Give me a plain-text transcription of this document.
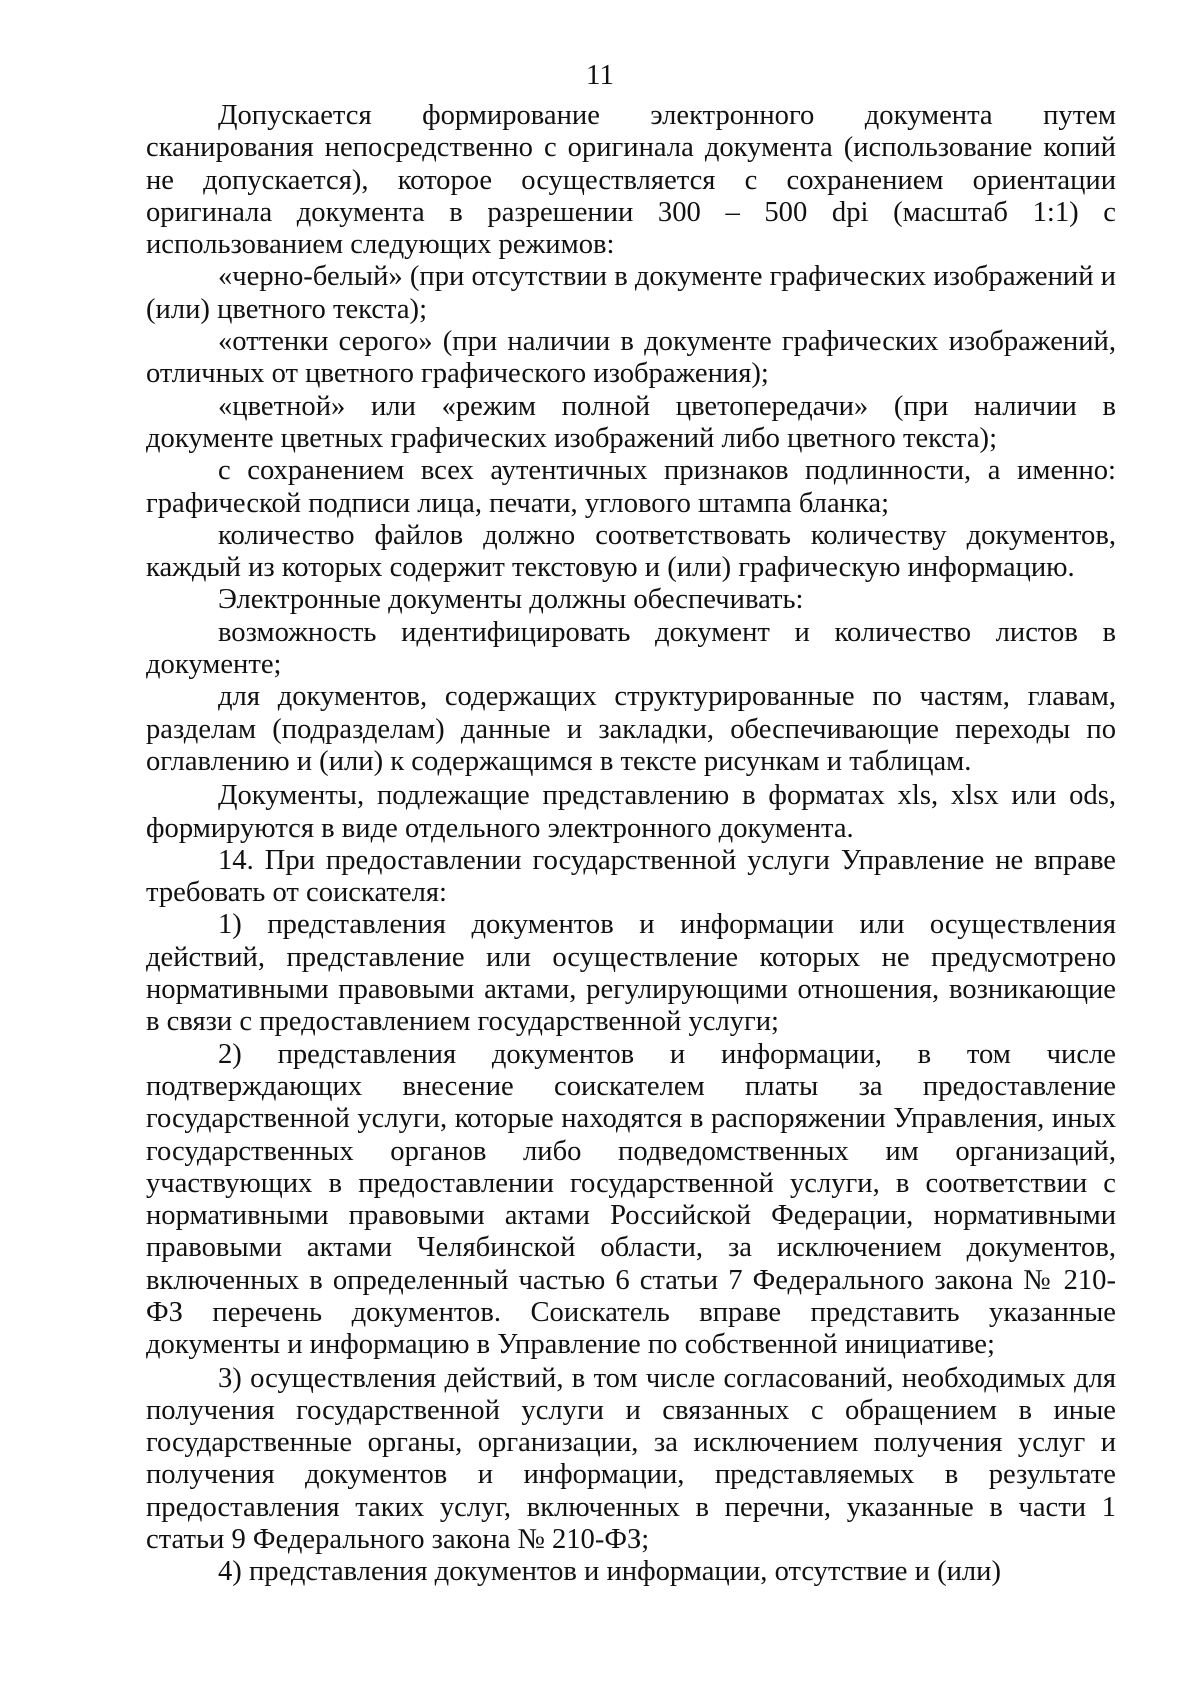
11

Допускается формирование электронного документа путем сканирования непосредственно с оригинала документа (использование копий не допускается), которое осуществляется с сохранением ориентации оригинала документа в разрешении 300 – 500 dpi (масштаб 1:1) с использованием следующих режимов:

«черно-белый» (при отсутствии в документе графических изображений и (или) цветного текста);

«оттенки серого» (при наличии в документе графических изображений, отличных от цветного графического изображения);

«цветной» или «режим полной цветопередачи» (при наличии в документе цветных графических изображений либо цветного текста);

с сохранением всех аутентичных признаков подлинности, а именно: графической подписи лица, печати, углового штампа бланка;

количество файлов должно соответствовать количеству документов, каждый из которых содержит текстовую и (или) графическую информацию.

Электронные документы должны обеспечивать:

возможность идентифицировать документ и количество листов в документе;

для документов, содержащих структурированные по частям, главам, разделам (подразделам) данные и закладки, обеспечивающие переходы по оглавлению и (или) к содержащимся в тексте рисункам и таблицам.

Документы, подлежащие представлению в форматах xls, xlsx или ods, формируются в виде отдельного электронного документа.

14. При предоставлении государственной услуги Управление не вправе требовать от соискателя:

1) представления документов и информации или осуществления действий, представление или осуществление которых не предусмотрено нормативными правовыми актами, регулирующими отношения, возникающие в связи с предоставлением государственной услуги;

2) представления документов и информации, в том числе подтверждающих внесение соискателем платы за предоставление государственной услуги, которые находятся в распоряжении Управления, иных государственных органов либо подведомственных им организаций, участвующих в предоставлении государственной услуги, в соответствии с нормативными правовыми актами Российской Федерации, нормативными правовыми актами Челябинской области, за исключением документов, включенных в определенный частью 6 статьи 7 Федерального закона № 210-ФЗ перечень документов. Соискатель вправе представить указанные документы и информацию в Управление по собственной инициативе;

3) осуществления действий, в том числе согласований, необходимых для получения государственной услуги и связанных с обращением в иные государственные органы, организации, за исключением получения услуг и получения документов и информации, представляемых в результате предоставления таких услуг, включенных в перечни, указанные в части 1 статьи 9 Федерального закона № 210-ФЗ;

4) представления документов и информации, отсутствие и (или)
